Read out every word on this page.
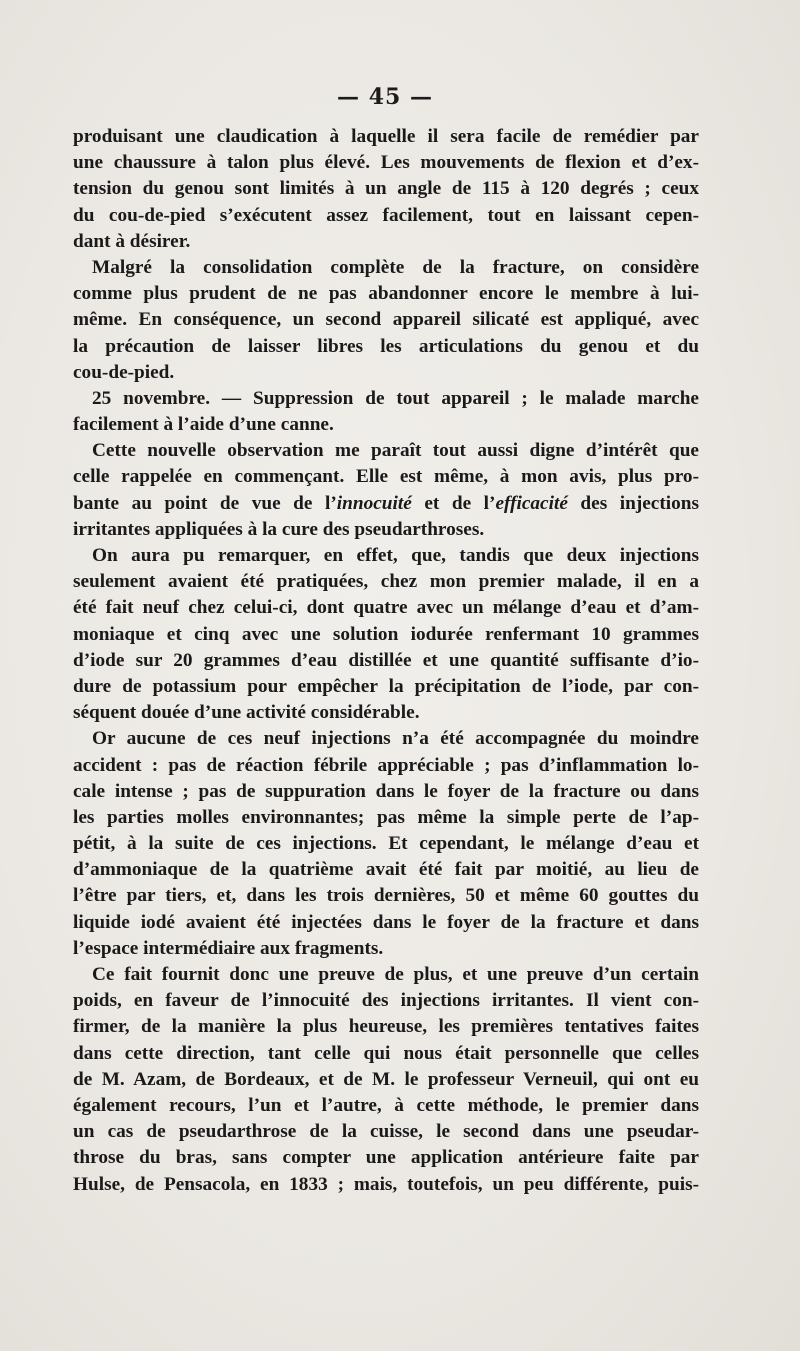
— 45 —
produisant une claudication à laquelle il sera facile de remédier par
une chaussure à talon plus élevé. Les mouvements de flexion et d’ex-
tension du genou sont limités à un angle de 115 à 120 degrés ; ceux
du cou-de-pied s’exécutent assez facilement, tout en laissant cepen-
dant à désirer.
Malgré la consolidation complète de la fracture, on considère
comme plus prudent de ne pas abandonner encore le membre à lui-
même. En conséquence, un second appareil silicaté est appliqué, avec
la précaution de laisser libres les articulations du genou et du
cou-de-pied.
25 novembre. — Suppression de tout appareil ; le malade marche
facilement à l’aide d’une canne.
Cette nouvelle observation me paraît tout aussi digne d’intérêt que
celle rappelée en commençant. Elle est même, à mon avis, plus pro-
bante au point de vue de l’innocuité et de l’efficacité des injections
irritantes appliquées à la cure des pseudarthroses.
On aura pu remarquer, en effet, que, tandis que deux injections
seulement avaient été pratiquées, chez mon premier malade, il en a
été fait neuf chez celui-ci, dont quatre avec un mélange d’eau et d’am-
moniaque et cinq avec une solution iodurée renfermant 10 grammes
d’iode sur 20 grammes d’eau distillée et une quantité suffisante d’io-
dure de potassium pour empêcher la précipitation de l’iode, par con-
séquent douée d’une activité considérable.
Or aucune de ces neuf injections n’a été accompagnée du moindre
accident : pas de réaction fébrile appréciable ; pas d’inflammation lo-
cale intense ; pas de suppuration dans le foyer de la fracture ou dans
les parties molles environnantes; pas même la simple perte de l’ap-
pétit, à la suite de ces injections. Et cependant, le mélange d’eau et
d’ammoniaque de la quatrième avait été fait par moitié, au lieu de
l’être par tiers, et, dans les trois dernières, 50 et même 60 gouttes du
liquide iodé avaient été injectées dans le foyer de la fracture et dans
l’espace intermédiaire aux fragments.
Ce fait fournit donc une preuve de plus, et une preuve d’un certain
poids, en faveur de l’innocuité des injections irritantes. Il vient con-
firmer, de la manière la plus heureuse, les premières tentatives faites
dans cette direction, tant celle qui nous était personnelle que celles
de M. Azam, de Bordeaux, et de M. le professeur Verneuil, qui ont eu
également recours, l’un et l’autre, à cette méthode, le premier dans
un cas de pseudarthrose de la cuisse, le second dans une pseudar-
throse du bras, sans compter une application antérieure faite par
Hulse, de Pensacola, en 1833 ; mais, toutefois, un peu différente, puis-
